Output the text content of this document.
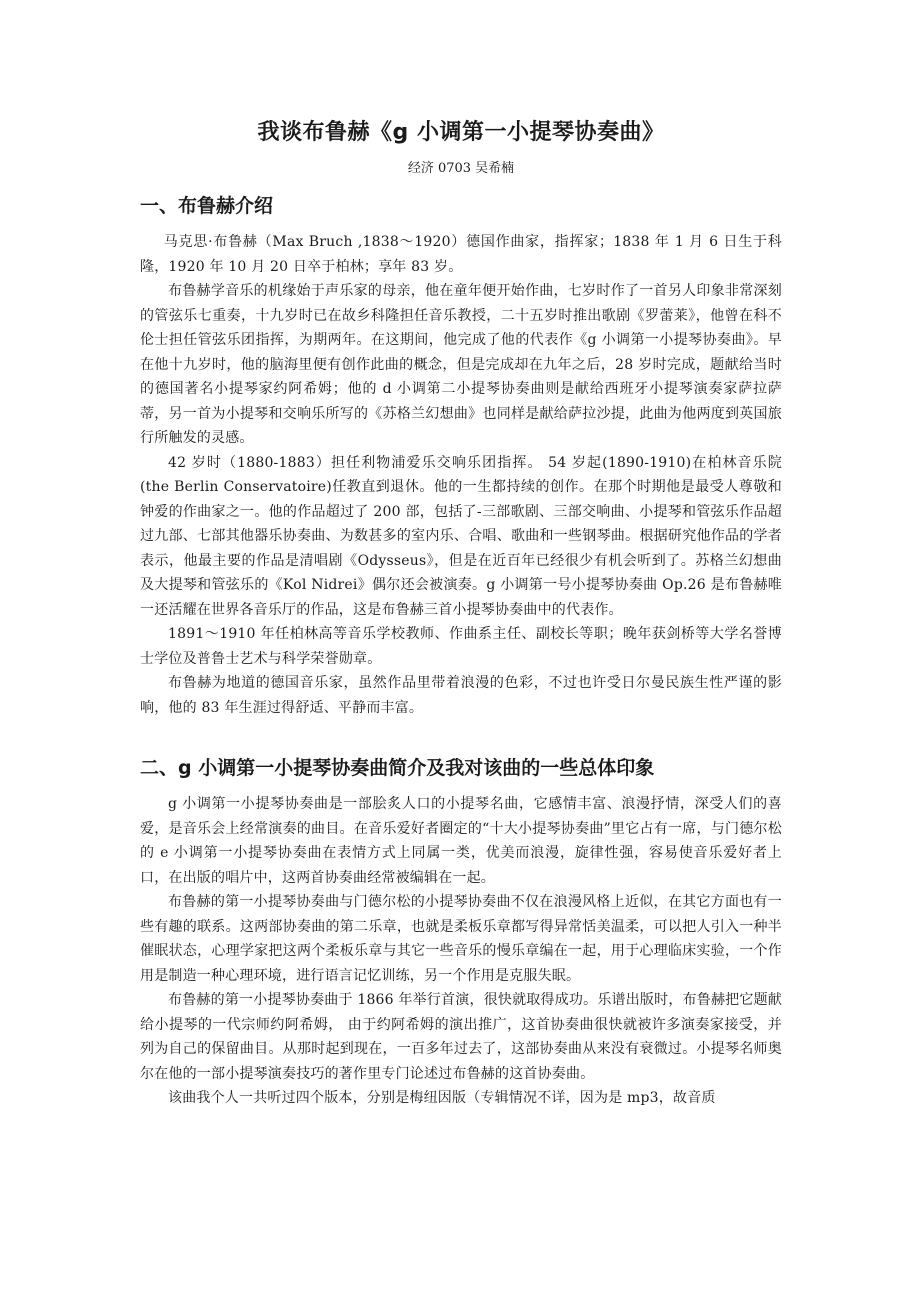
我谈布鲁赫《g 小调第一小提琴协奏曲》
经济 0703 吴希楠
一、布鲁赫介绍

马克思·布鲁赫（Max Bruch ,1838～1920）德国作曲家，指挥家；1838 年 1 月 6 日生于科隆，1920 年 10 月 20 日卒于柏林；享年 83 岁。

布鲁赫学音乐的机缘始于声乐家的母亲，他在童年便开始作曲，七岁时作了一首另人印象非常深刻的管弦乐七重奏，十九岁时已在故乡科隆担任音乐教授，二十五岁时推出歌剧《罗蕾莱》，他曾在科不伦士担任管弦乐团指挥，为期两年。在这期间，他完成了他的代表作《g 小调第一小提琴协奏曲》。早在他十九岁时，他的脑海里便有创作此曲的概念，但是完成却在九年之后，28 岁时完成，题献给当时的德国著名小提琴家约阿希姆；他的 d 小调第二小提琴协奏曲则是献给西班牙小提琴演奏家萨拉萨蒂，另一首为小提琴和交响乐所写的《苏格兰幻想曲》也同样是献给萨拉沙提，此曲为他两度到英国旅行所触发的灵感。

42 岁时（1880-1883）担任利物浦爱乐交响乐团指挥。 54 岁起(1890-1910)在柏林音乐院(the Berlin Conservatoire)任教直到退休。他的一生都持续的创作。在那个时期他是最受人尊敬和钟爱的作曲家之一。他的作品超过了 200 部，包括了-三部歌剧、三部交响曲、小提琴和管弦乐作品超过九部、七部其他器乐协奏曲、为数甚多的室内乐、合唱、歌曲和一些钢琴曲。根据研究他作品的学者表示，他最主要的作品是清唱剧《Odysseus》，但是在近百年已经很少有机会听到了。苏格兰幻想曲及大提琴和管弦乐的《Kol Nidrei》偶尔还会被演奏。g 小调第一号小提琴协奏曲 Op.26 是布鲁赫唯一还活耀在世界各音乐厅的作品，这是布鲁赫三首小提琴协奏曲中的代表作。

1891～1910 年任柏林高等音乐学校教师、作曲系主任、副校长等职；晚年获剑桥等大学名誉博士学位及普鲁士艺术与科学荣誉勋章。

布鲁赫为地道的德国音乐家，虽然作品里带着浪漫的色彩，不过也许受日尔曼民族生性严谨的影响，他的 83 年生涯过得舒适、平静而丰富。

二、g 小调第一小提琴协奏曲简介及我对该曲的一些总体印象

g 小调第一小提琴协奏曲是一部脍炙人口的小提琴名曲，它感情丰富、浪漫抒情，深受人们的喜爱，是音乐会上经常演奏的曲目。在音乐爱好者圈定的“十大小提琴协奏曲”里它占有一席，与门德尔松的 e 小调第一小提琴协奏曲在表情方式上同属一类，优美而浪漫，旋律性强，容易使音乐爱好者上口，在出版的唱片中，这两首协奏曲经常被编辑在一起。

布鲁赫的第一小提琴协奏曲与门德尔松的小提琴协奏曲不仅在浪漫风格上近似，在其它方面也有一些有趣的联系。这两部协奏曲的第二乐章，也就是柔板乐章都写得异常恬美温柔，可以把人引入一种半催眠状态，心理学家把这两个柔板乐章与其它一些音乐的慢乐章编在一起，用于心理临床实验，一个作用是制造一种心理环境，进行语言记忆训练，另一个作用是克服失眠。

布鲁赫的第一小提琴协奏曲于 1866 年举行首演，很快就取得成功。乐谱出版时，布鲁赫把它题献给小提琴的一代宗师约阿希姆， 由于约阿希姆的演出推广，这首协奏曲很快就被许多演奏家接受，并列为自己的保留曲目。从那时起到现在，一百多年过去了，这部协奏曲从来没有衰微过。小提琴名师奥尔在他的一部小提琴演奏技巧的著作里专门论述过布鲁赫的这首协奏曲。

该曲我个人一共听过四个版本，分别是梅纽因版（专辑情况不详，因为是 mp3，故音质
